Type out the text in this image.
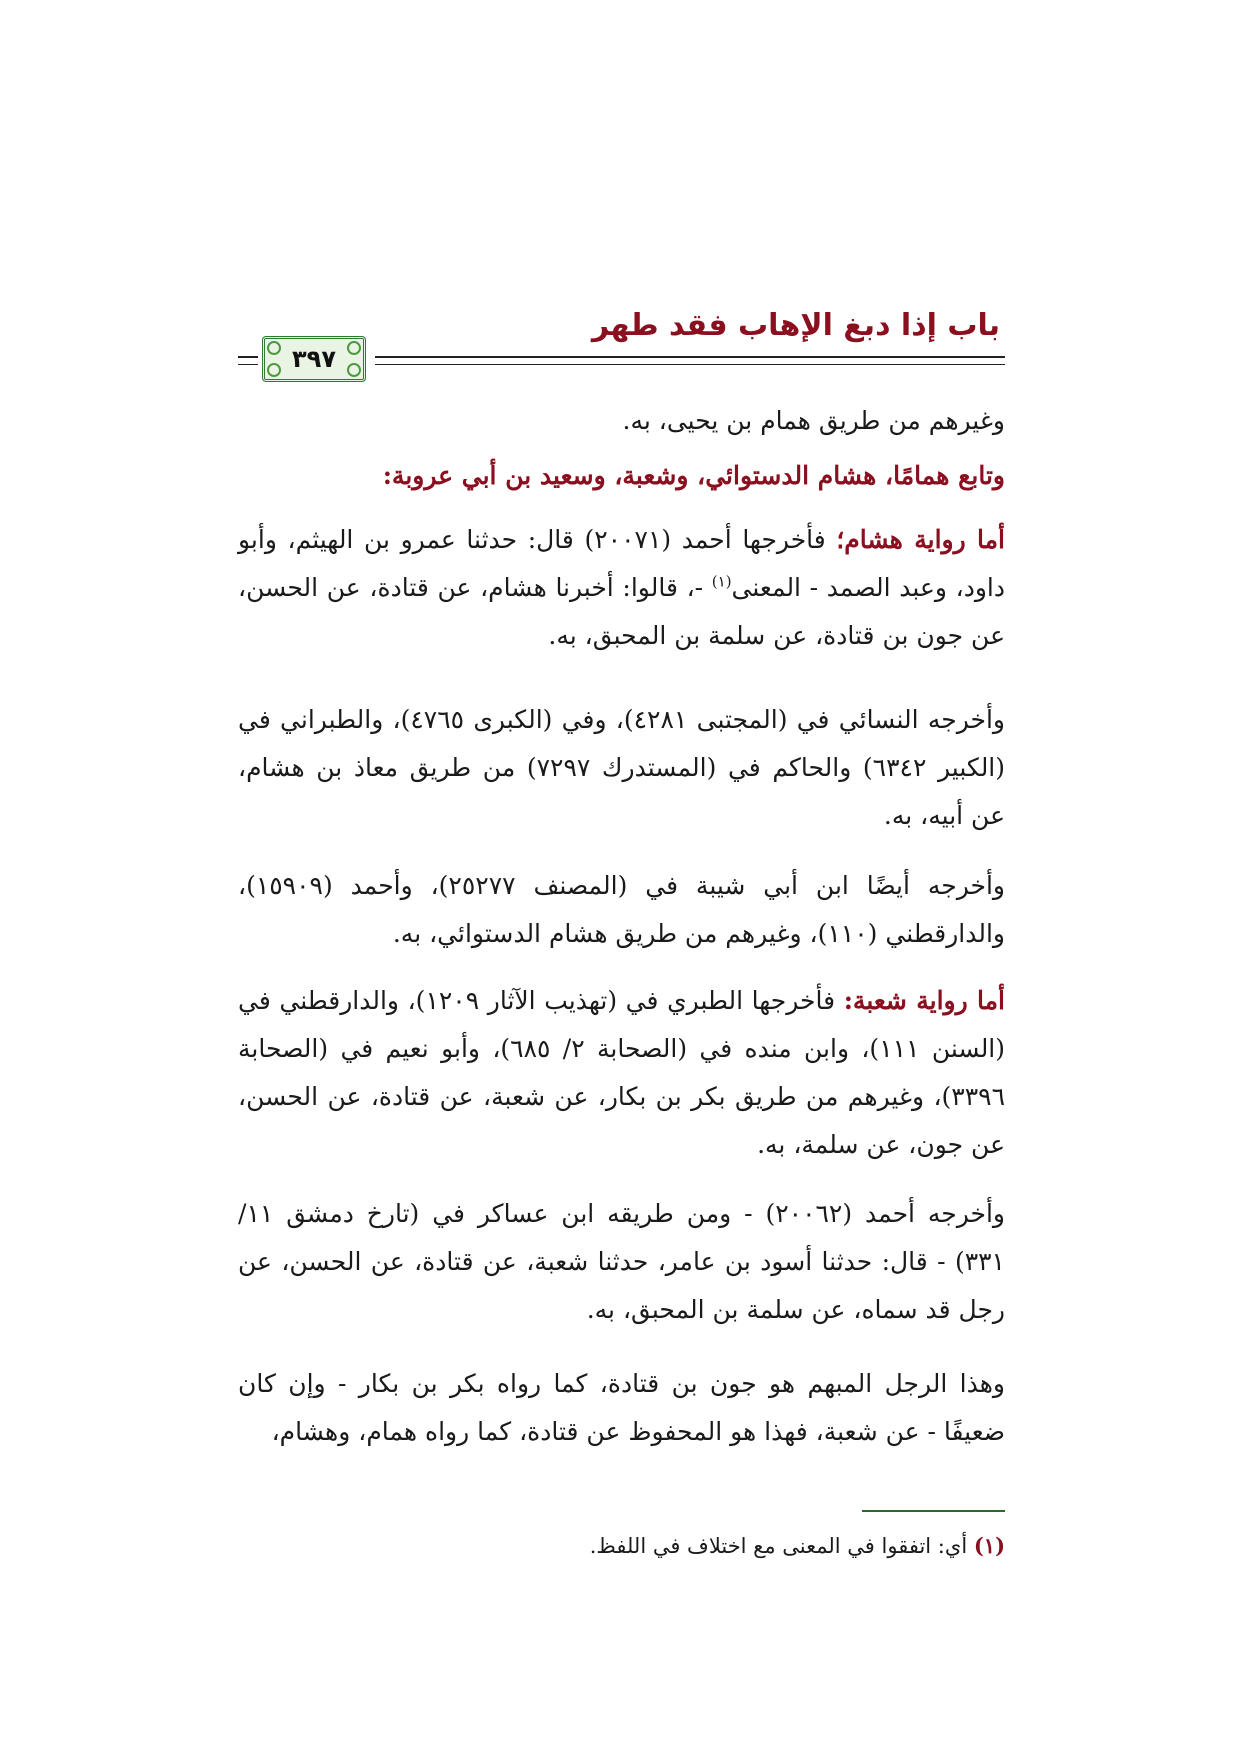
باب إذا دبغ الإهاب فقد طهر
٣٩٧
وغيرهم من طريق همام بن يحيى، به.
وتابع همامًا، هشام الدستوائي، وشعبة، وسعيد بن أبي عروبة:
أما رواية هشام؛ فأخرجها أحمد (٢٠٠٧١) قال: حدثنا عمرو بن الهيثم، وأبو داود، وعبد الصمد - المعنى$^{(١)}$ -، قالوا: أخبرنا هشام، عن قتادة، عن الحسن، عن جون بن قتادة، عن سلمة بن المحبق، به.
وأخرجه النسائي في (المجتبى ٤٢٨١)، وفي (الكبرى ٤٧٦٥)، والطبراني في (الكبير ٦٣٤٢) والحاكم في (المستدرك ٧٢٩٧) من طريق معاذ بن هشام، عن أبيه، به.
وأخرجه أيضًا ابن أبي شيبة في (المصنف ٢٥٢٧٧)، وأحمد (١٥٩٠٩)، والدارقطني (١١٠)، وغيرهم من طريق هشام الدستوائي، به.
أما رواية شعبة: فأخرجها الطبري في (تهذيب الآثار ١٢٠٩)، والدارقطني في (السنن ١١١)، وابن منده في (الصحابة ٢/ ٦٨٥)، وأبو نعيم في (الصحابة ٣٣٩٦)، وغيرهم من طريق بكر بن بكار، عن شعبة، عن قتادة، عن الحسن، عن جون، عن سلمة، به.
وأخرجه أحمد (٢٠٠٦٢) - ومن طريقه ابن عساكر في (تارخ دمشق ١١/ ٣٣١) - قال: حدثنا أسود بن عامر، حدثنا شعبة، عن قتادة، عن الحسن، عن رجل قد سماه، عن سلمة بن المحبق، به.
وهذا الرجل المبهم هو جون بن قتادة، كما رواه بكر بن بكار - وإن كان ضعيفًا - عن شعبة، فهذا هو المحفوظ عن قتادة، كما رواه همام، وهشام،
(١) أي: اتفقوا في المعنى مع اختلاف في اللفظ.
